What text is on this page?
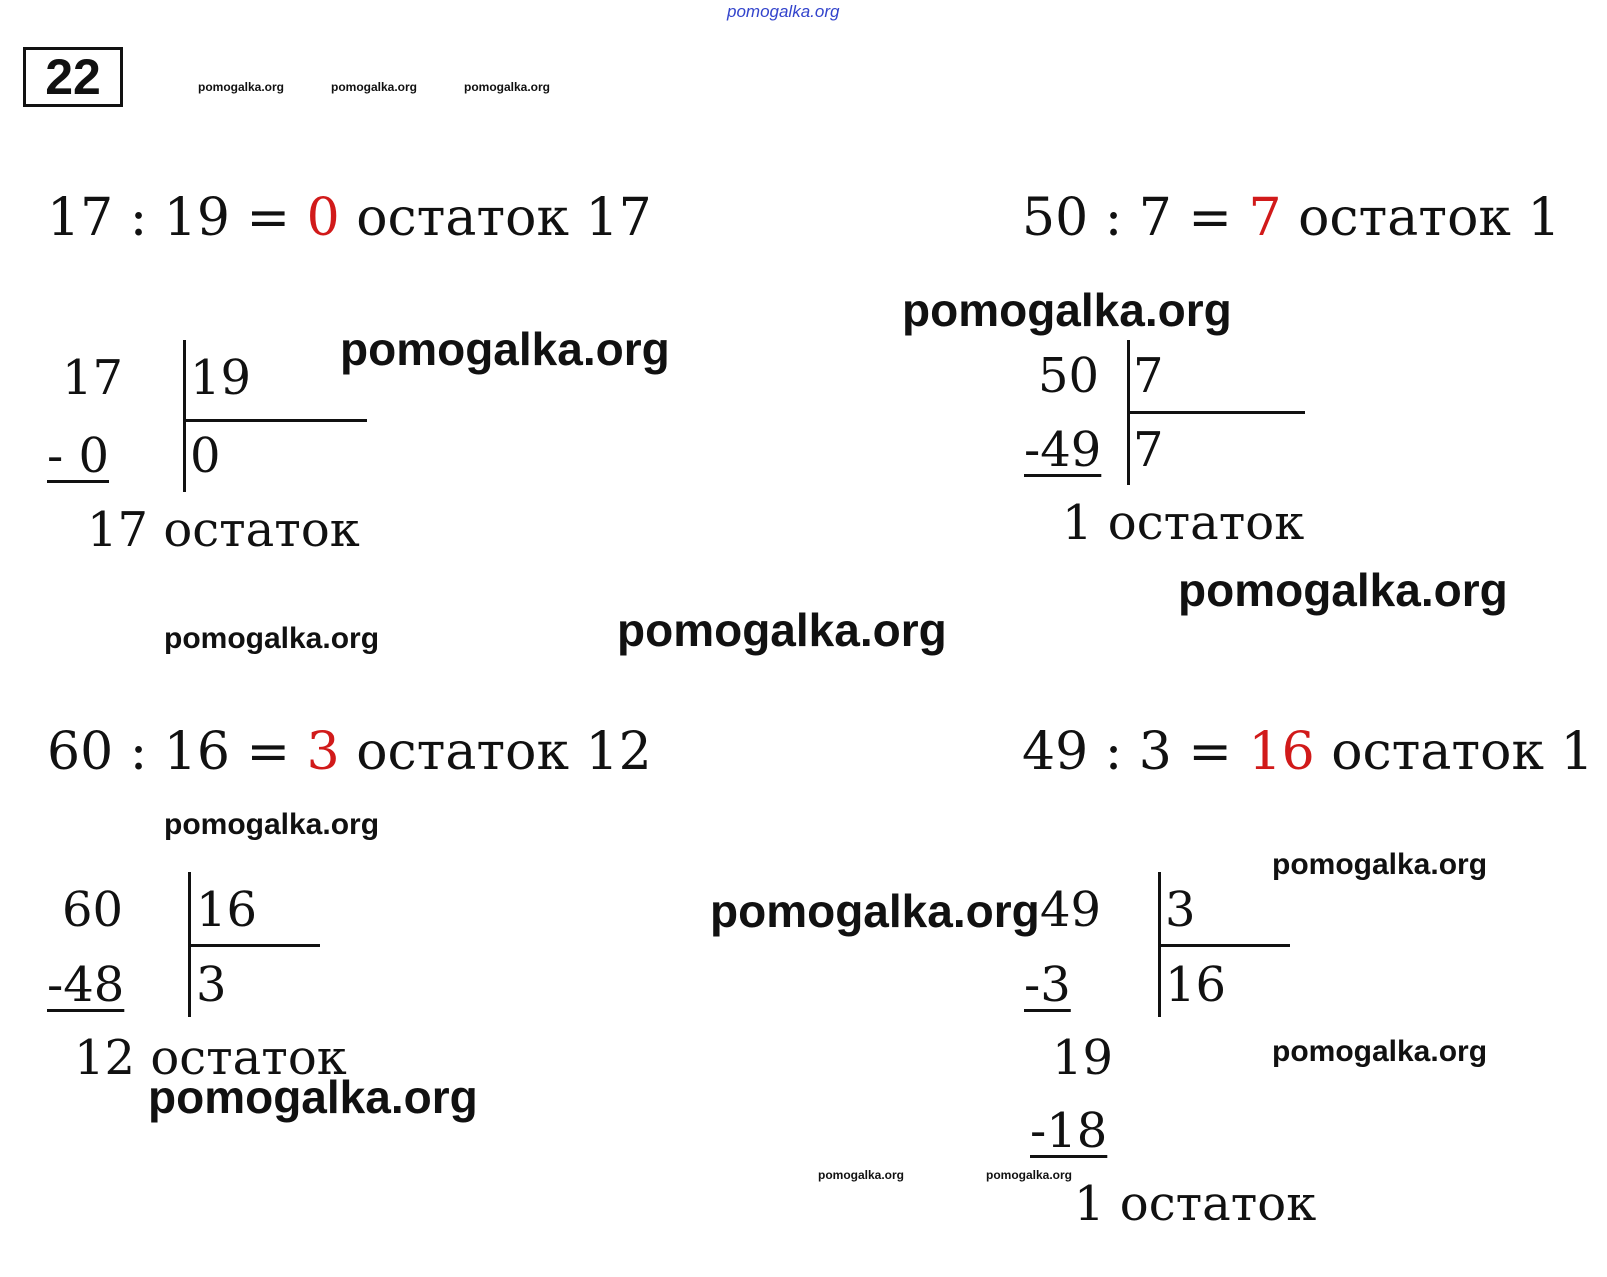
pomogalka.org
22	pomogalka.org	pomogalka.org	pomogalka.org
17 : 19 = 0 остаток 17
17 19
0
- 0
17 остаток
pomogalka.org
pomogalka.org	pomogalka.org
50 : 7 = 7 остаток 1
pomogalka.org
50 7
7
-49
1 остаток
pomogalka.org
60 : 16 = 3 остаток 12
pomogalka.org
60 16
3
-48
12 остаток
pomogalka.org
49 : 3 = 16 остаток 1
pomogalka.org
pomogalka.org 49 3
16
-3
19
-18
1 остаток
pomogalka.org
pomogalka.org	pomogalka.org
